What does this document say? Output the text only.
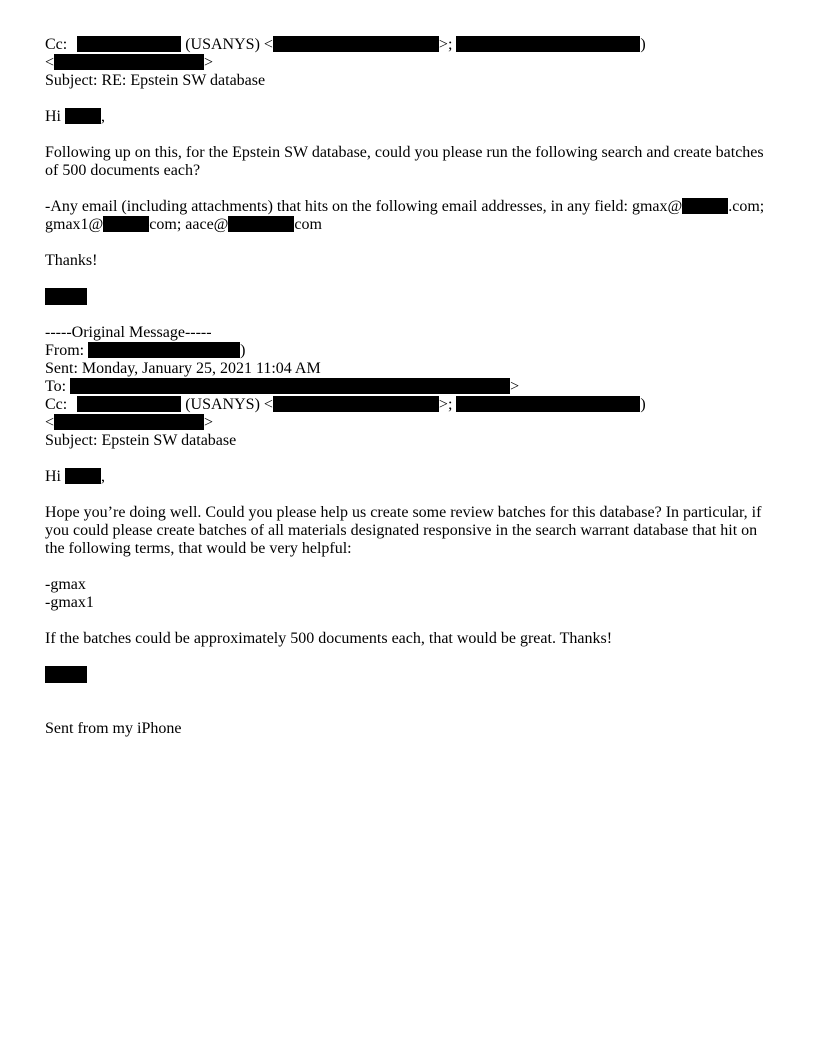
Cc:	(USANYS) <	>;	)
<	>
Subject: RE: Epstein SW database
Hi ,
Following up on this, for the Epstein SW database, could you please run the following search and create batches of 500 documents each?
-Any email (including attachments) that hits on the following email addresses, in any field: gmax@	.com; gmax1@	com; aace@	com
Thanks!
-----Original Message-----
From:	)
Sent: Monday, January 25, 2021 11:04 AM
To:	>
Cc:	(USANYS) <	>;	)
<	>
Subject: Epstein SW database
Hi ,
Hope you’re doing well. Could you please help us create some review batches for this database? In particular, if you could please create batches of all materials designated responsive in the search warrant database that hit on the following terms, that would be very helpful:
-gmax
-gmax1
If the batches could be approximately 500 documents each, that would be great. Thanks!
Sent from my iPhone
